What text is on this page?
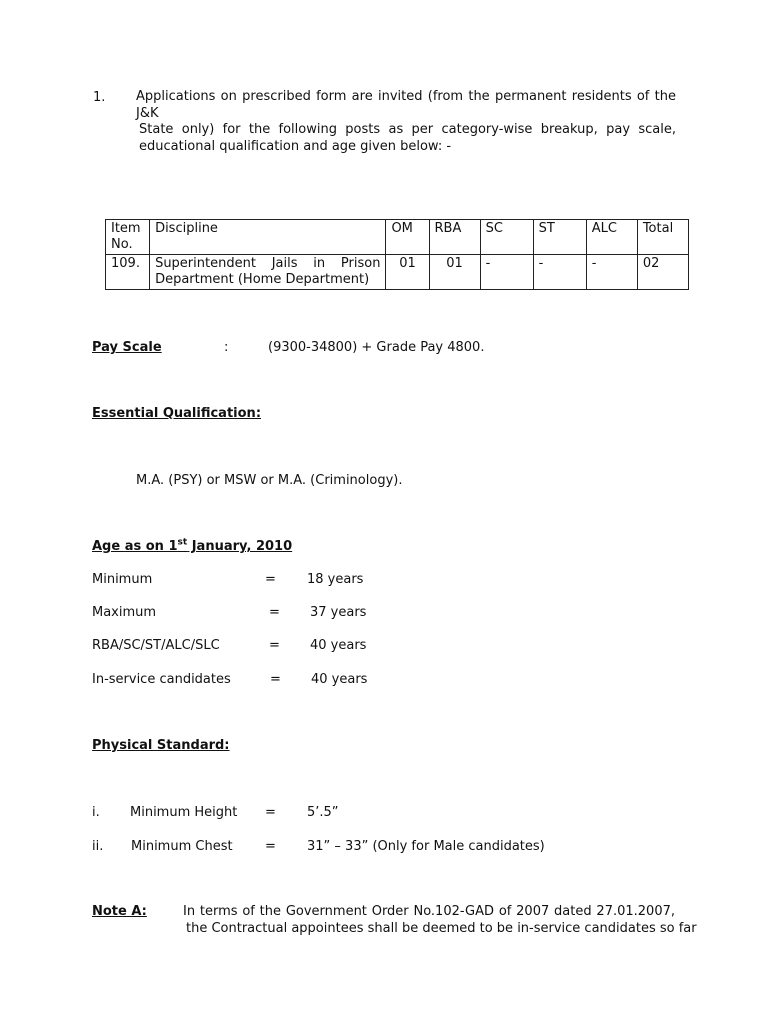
1. Applications on prescribed form are invited (from the permanent residents of the J&K
State only) for the following posts as per category-wise breakup, pay scale,
educational qualification and age given below: -
Item
No.	Discipline	OM	RBA	SC	ST	ALC	Total
109.	Superintendent Jails in Prison
Department (Home Department)	01	01	-	-	-	02
Pay Scale	:	(9300-34800) + Grade Pay 4800.
Essential Qualification:
M.A. (PSY) or MSW or M.A. (Criminology).
Age as on 1st January, 2010
Minimum	= 18 years
Maximum	= 37 years
RBA/SC/ST/ALC/SLC	= 40 years
In-service candidates	= 40 years
Physical Standard:
i. Minimum Height = 5’.5”
ii. Minimum Chest = 31” – 33” (Only for Male candidates)
Note A:	In terms of the Government Order No.102-GAD of 2007 dated 27.01.2007,
the Contractual appointees shall be deemed to be in-service candidates so far
